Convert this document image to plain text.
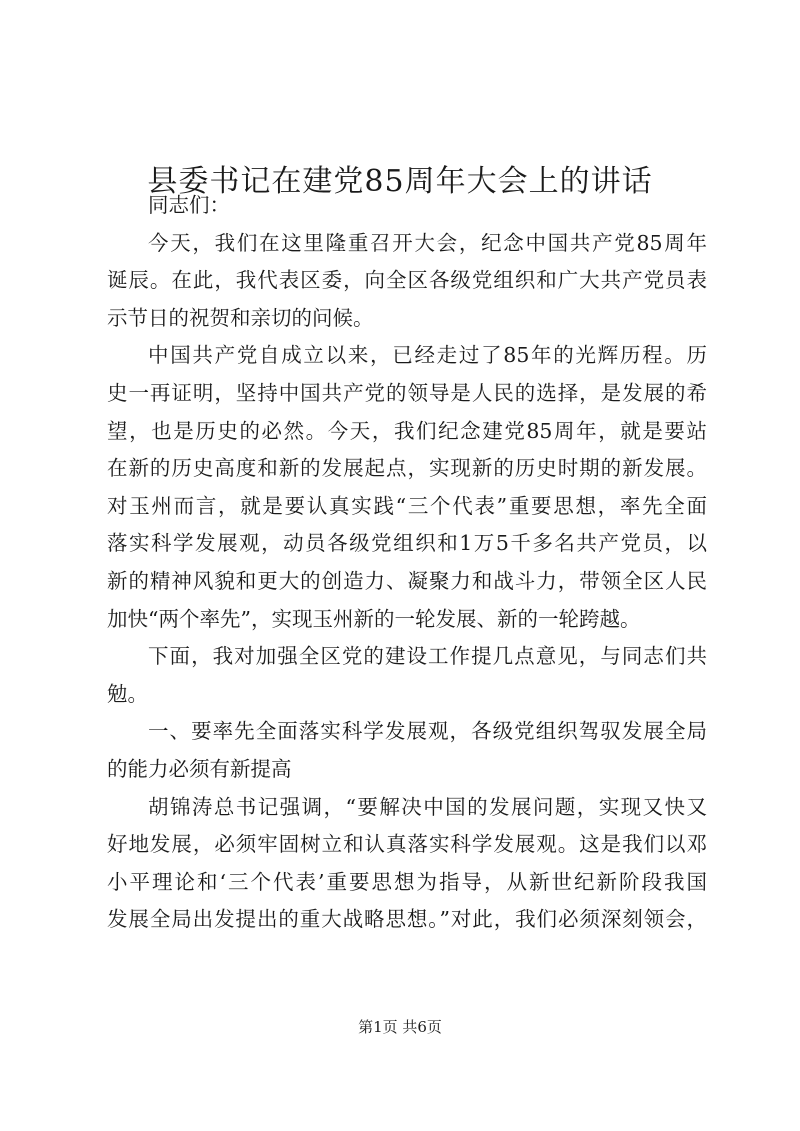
县委书记在建党85周年大会上的讲话
同志们：
今天，我们在这里隆重召开大会，纪念中国共产党85周年
诞辰。在此，我代表区委，向全区各级党组织和广大共产党员表
示节日的祝贺和亲切的问候。
中国共产党自成立以来，已经走过了85年的光辉历程。历
史一再证明，坚持中国共产党的领导是人民的选择，是发展的希
望，也是历史的必然。今天，我们纪念建党85周年，就是要站
在新的历史高度和新的发展起点，实现新的历史时期的新发展。
对玉州而言，就是要认真实践“三个代表”重要思想，率先全面
落实科学发展观，动员各级党组织和1万5千多名共产党员，以
新的精神风貌和更大的创造力、凝聚力和战斗力，带领全区人民
加快“两个率先”，实现玉州新的一轮发展、新的一轮跨越。
下面，我对加强全区党的建设工作提几点意见，与同志们共
勉。
一、要率先全面落实科学发展观，各级党组织驾驭发展全局
的能力必须有新提高
胡锦涛总书记强调，“要解决中国的发展问题，实现又快又
好地发展，必须牢固树立和认真落实科学发展观。这是我们以邓
小平理论和‘三个代表’重要思想为指导，从新世纪新阶段我国
发展全局出发提出的重大战略思想。”对此，我们必须深刻领会，
第1页 共6页
